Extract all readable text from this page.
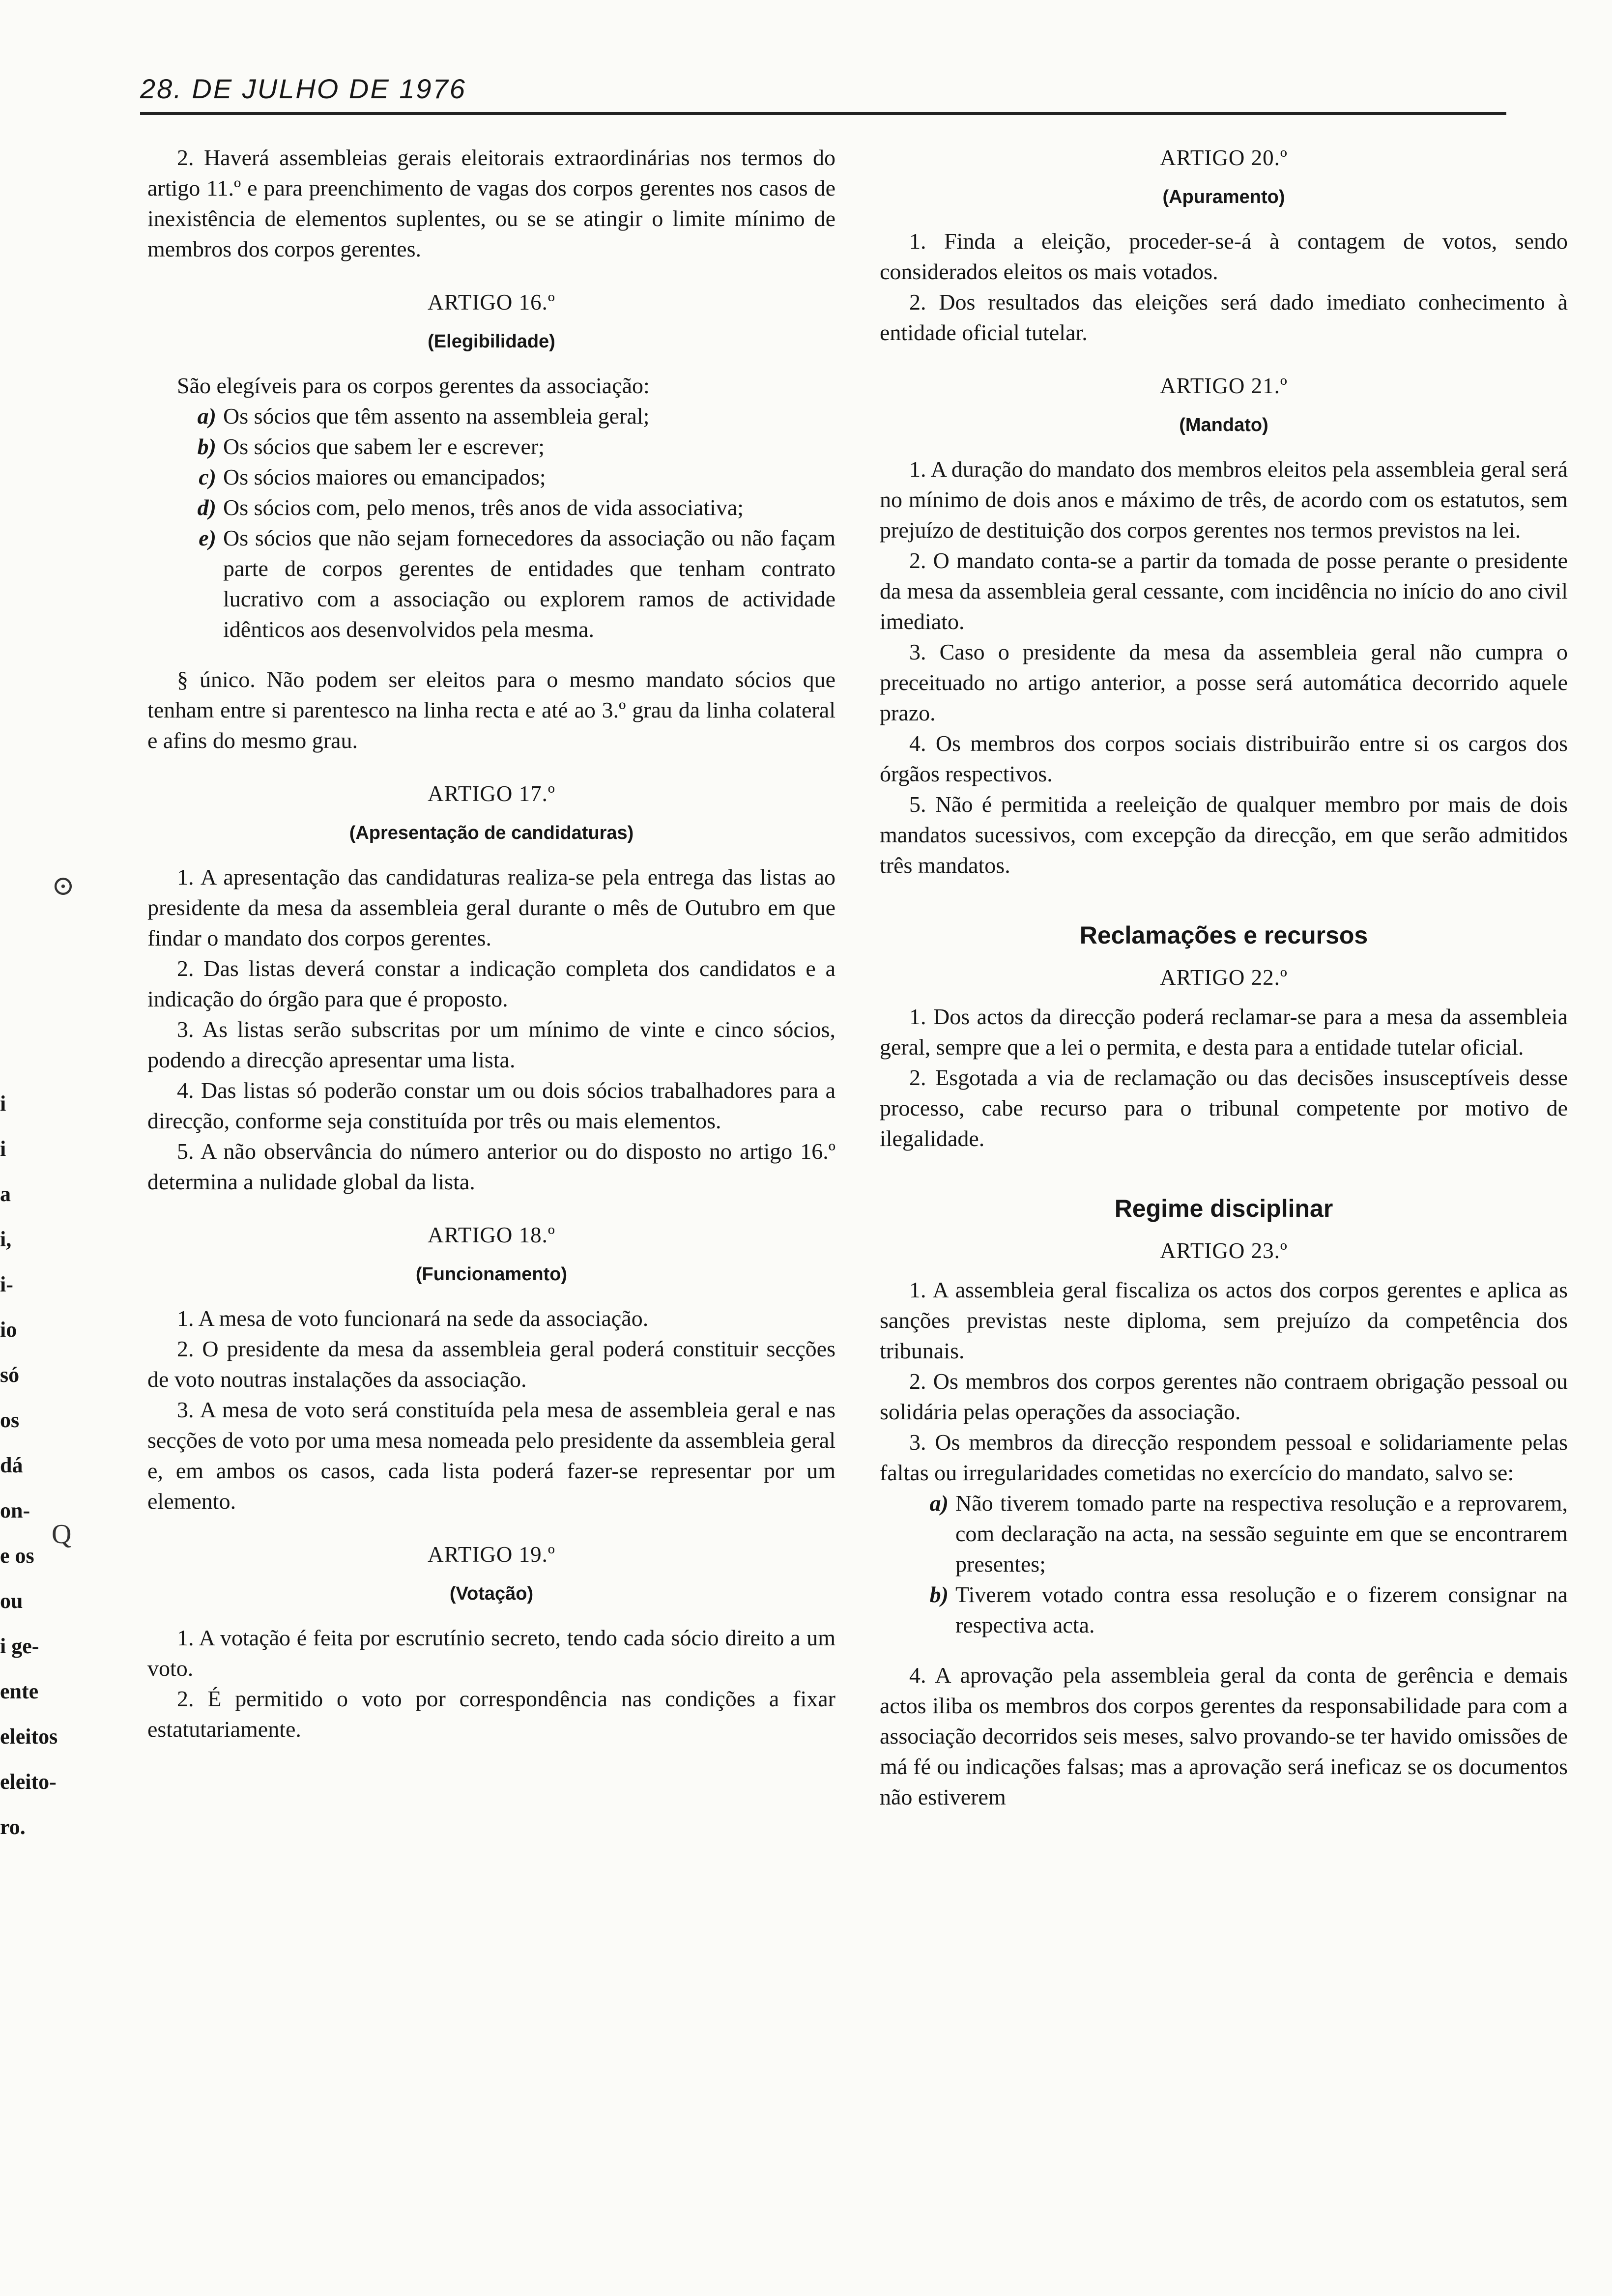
28. DE JULHO DE 1976
i
i
a
i,
i-
io
só
os
dá
on-
e os
ou
i ge-
ente
eleitos
eleito-
ro.
⊙
Q

2. Haverá assembleias gerais eleitorais extraordinárias nos termos do artigo 11.º e para preenchimento de vagas dos corpos gerentes nos casos de inexistência de elementos suplentes, ou se se atingir o limite mínimo de membros dos corpos gerentes.

ARTIGO 16.º

(Elegibilidade)

São elegíveis para os corpos gerentes da associação:

a) Os sócios que têm assento na assembleia geral;
b) Os sócios que sabem ler e escrever;
c) Os sócios maiores ou emancipados;
d) Os sócios com, pelo menos, três anos de vida associativa;
e) Os sócios que não sejam fornecedores da associação ou não façam parte de corpos gerentes de entidades que tenham contrato lucrativo com a associação ou explorem ramos de actividade idênticos aos desenvolvidos pela mesma.

§ único. Não podem ser eleitos para o mesmo mandato sócios que tenham entre si parentesco na linha recta e até ao 3.º grau da linha colateral e afins do mesmo grau.

ARTIGO 17.º

(Apresentação de candidaturas)

1. A apresentação das candidaturas realiza-se pela entrega das listas ao presidente da mesa da assembleia geral durante o mês de Outubro em que findar o mandato dos corpos gerentes.

2. Das listas deverá constar a indicação completa dos candidatos e a indicação do órgão para que é proposto.

3. As listas serão subscritas por um mínimo de vinte e cinco sócios, podendo a direcção apresentar uma lista.

4. Das listas só poderão constar um ou dois sócios trabalhadores para a direcção, conforme seja constituída por três ou mais elementos.

5. A não observância do número anterior ou do disposto no artigo 16.º determina a nulidade global da lista.

ARTIGO 18.º

(Funcionamento)

1. A mesa de voto funcionará na sede da associação.

2. O presidente da mesa da assembleia geral poderá constituir secções de voto noutras instalações da associação.

3. A mesa de voto será constituída pela mesa de assembleia geral e nas secções de voto por uma mesa nomeada pelo presidente da assembleia geral e, em ambos os casos, cada lista poderá fazer-se representar por um elemento.

ARTIGO 19.º

(Votação)

1. A votação é feita por escrutínio secreto, tendo cada sócio direito a um voto.

2. É permitido o voto por correspondência nas condições a fixar estatutariamente.

ARTIGO 20.º

(Apuramento)

1. Finda a eleição, proceder-se-á à contagem de votos, sendo considerados eleitos os mais votados.

2. Dos resultados das eleições será dado imediato conhecimento à entidade oficial tutelar.

ARTIGO 21.º

(Mandato)

1. A duração do mandato dos membros eleitos pela assembleia geral será no mínimo de dois anos e máximo de três, de acordo com os estatutos, sem prejuízo de destituição dos corpos gerentes nos termos previstos na lei.

2. O mandato conta-se a partir da tomada de posse perante o presidente da mesa da assembleia geral cessante, com incidência no início do ano civil imediato.

3. Caso o presidente da mesa da assembleia geral não cumpra o preceituado no artigo anterior, a posse será automática decorrido aquele prazo.

4. Os membros dos corpos sociais distribuirão entre si os cargos dos órgãos respectivos.

5. Não é permitida a reeleição de qualquer membro por mais de dois mandatos sucessivos, com excepção da direcção, em que serão admitidos três mandatos.

Reclamações e recursos

ARTIGO 22.º

1. Dos actos da direcção poderá reclamar-se para a mesa da assembleia geral, sempre que a lei o permita, e desta para a entidade tutelar oficial.

2. Esgotada a via de reclamação ou das decisões insusceptíveis desse processo, cabe recurso para o tribunal competente por motivo de ilegalidade.

Regime disciplinar

ARTIGO 23.º

1. A assembleia geral fiscaliza os actos dos corpos gerentes e aplica as sanções previstas neste diploma, sem prejuízo da competência dos tribunais.

2. Os membros dos corpos gerentes não contraem obrigação pessoal ou solidária pelas operações da associação.

3. Os membros da direcção respondem pessoal e solidariamente pelas faltas ou irregularidades cometidas no exercício do mandato, salvo se:

a) Não tiverem tomado parte na respectiva resolução e a reprovarem, com declaração na acta, na sessão seguinte em que se encontrarem presentes;
b) Tiverem votado contra essa resolução e o fizerem consignar na respectiva acta.

4. A aprovação pela assembleia geral da conta de gerência e demais actos iliba os membros dos corpos gerentes da responsabilidade para com a associação decorridos seis meses, salvo provando-se ter havido omissões de má fé ou indicações falsas; mas a aprovação será ineficaz se os documentos não estiverem
